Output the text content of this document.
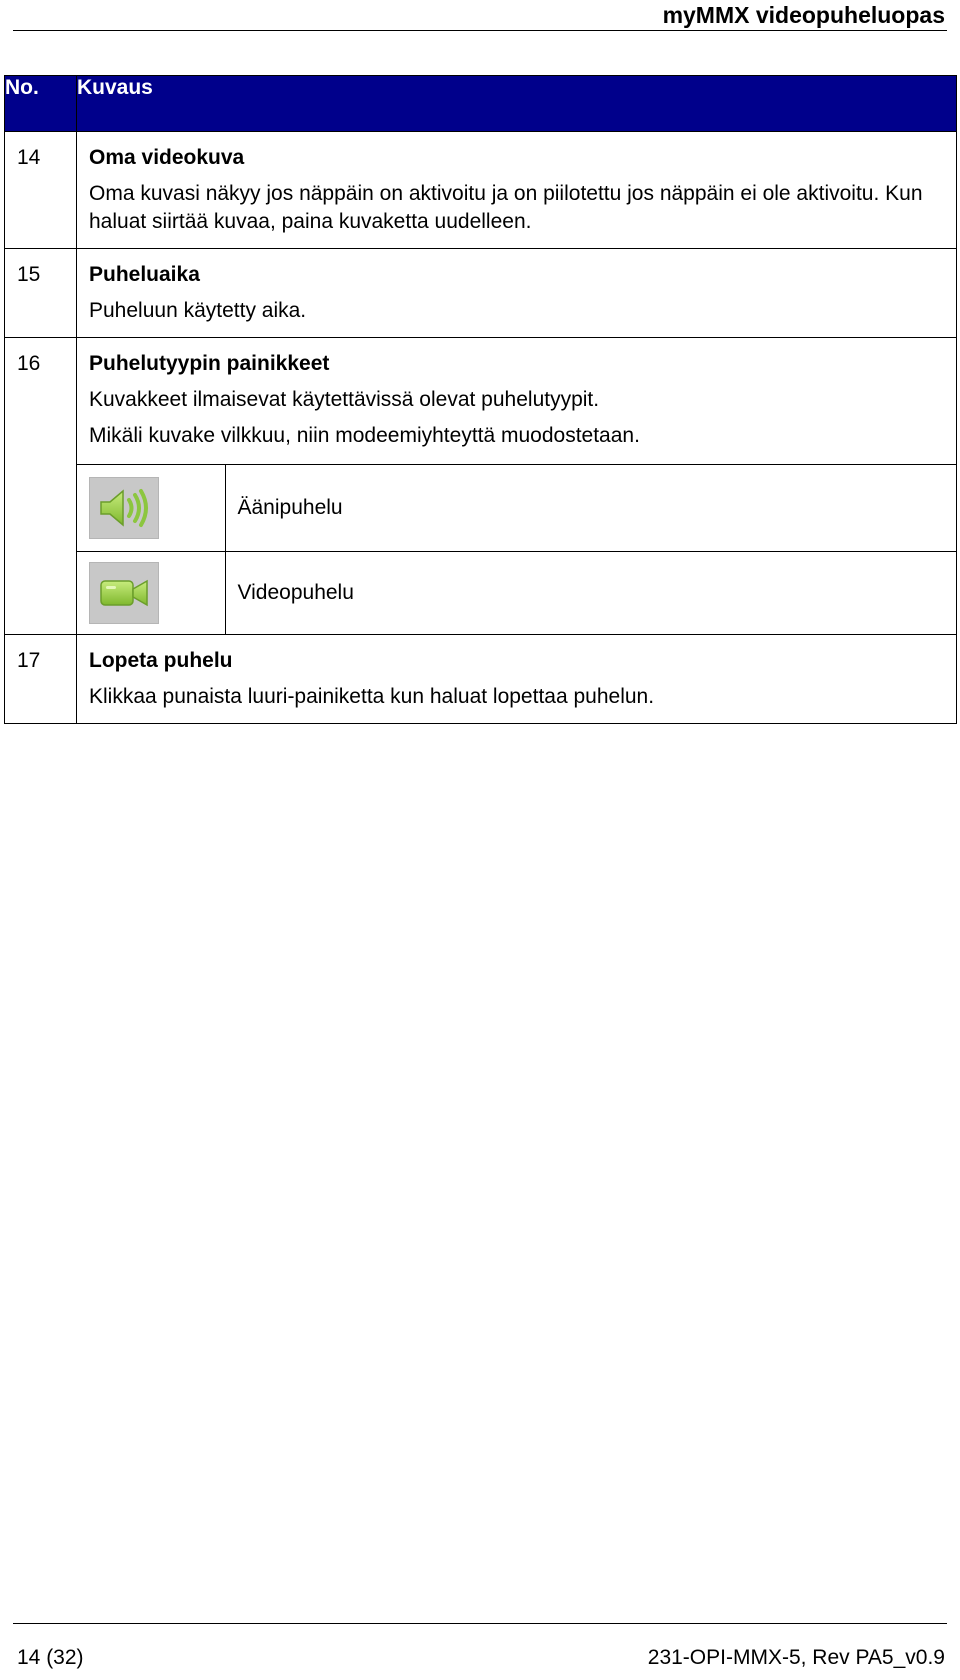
myMMX videopuheluopas
No.	Kuvaus
14	Oma videokuva

Oma kuvasi näkyy jos näppäin on aktivoitu ja on piilotettu jos näppäin ei ole aktivoitu. Kun haluat siirtää kuvaa, paina kuvaketta uudelleen.

15	Puheluaika

Puheluun käytetty aika.

16	Puhelutyypin painikkeet

Kuvakkeet ilmaisevat käytettävissä olevat puhelutyypit.

Mikäli kuvake vilkkuu, niin modeemiyhteyttä muodostetaan.

	Äänipuhelu

	Videopuhelu

17	Lopeta puhelu

Klikkaa punaista luuri-painiketta kun haluat lopettaa puhelun.

14 (32)	231-OPI-MMX-5, Rev PA5_v0.9
